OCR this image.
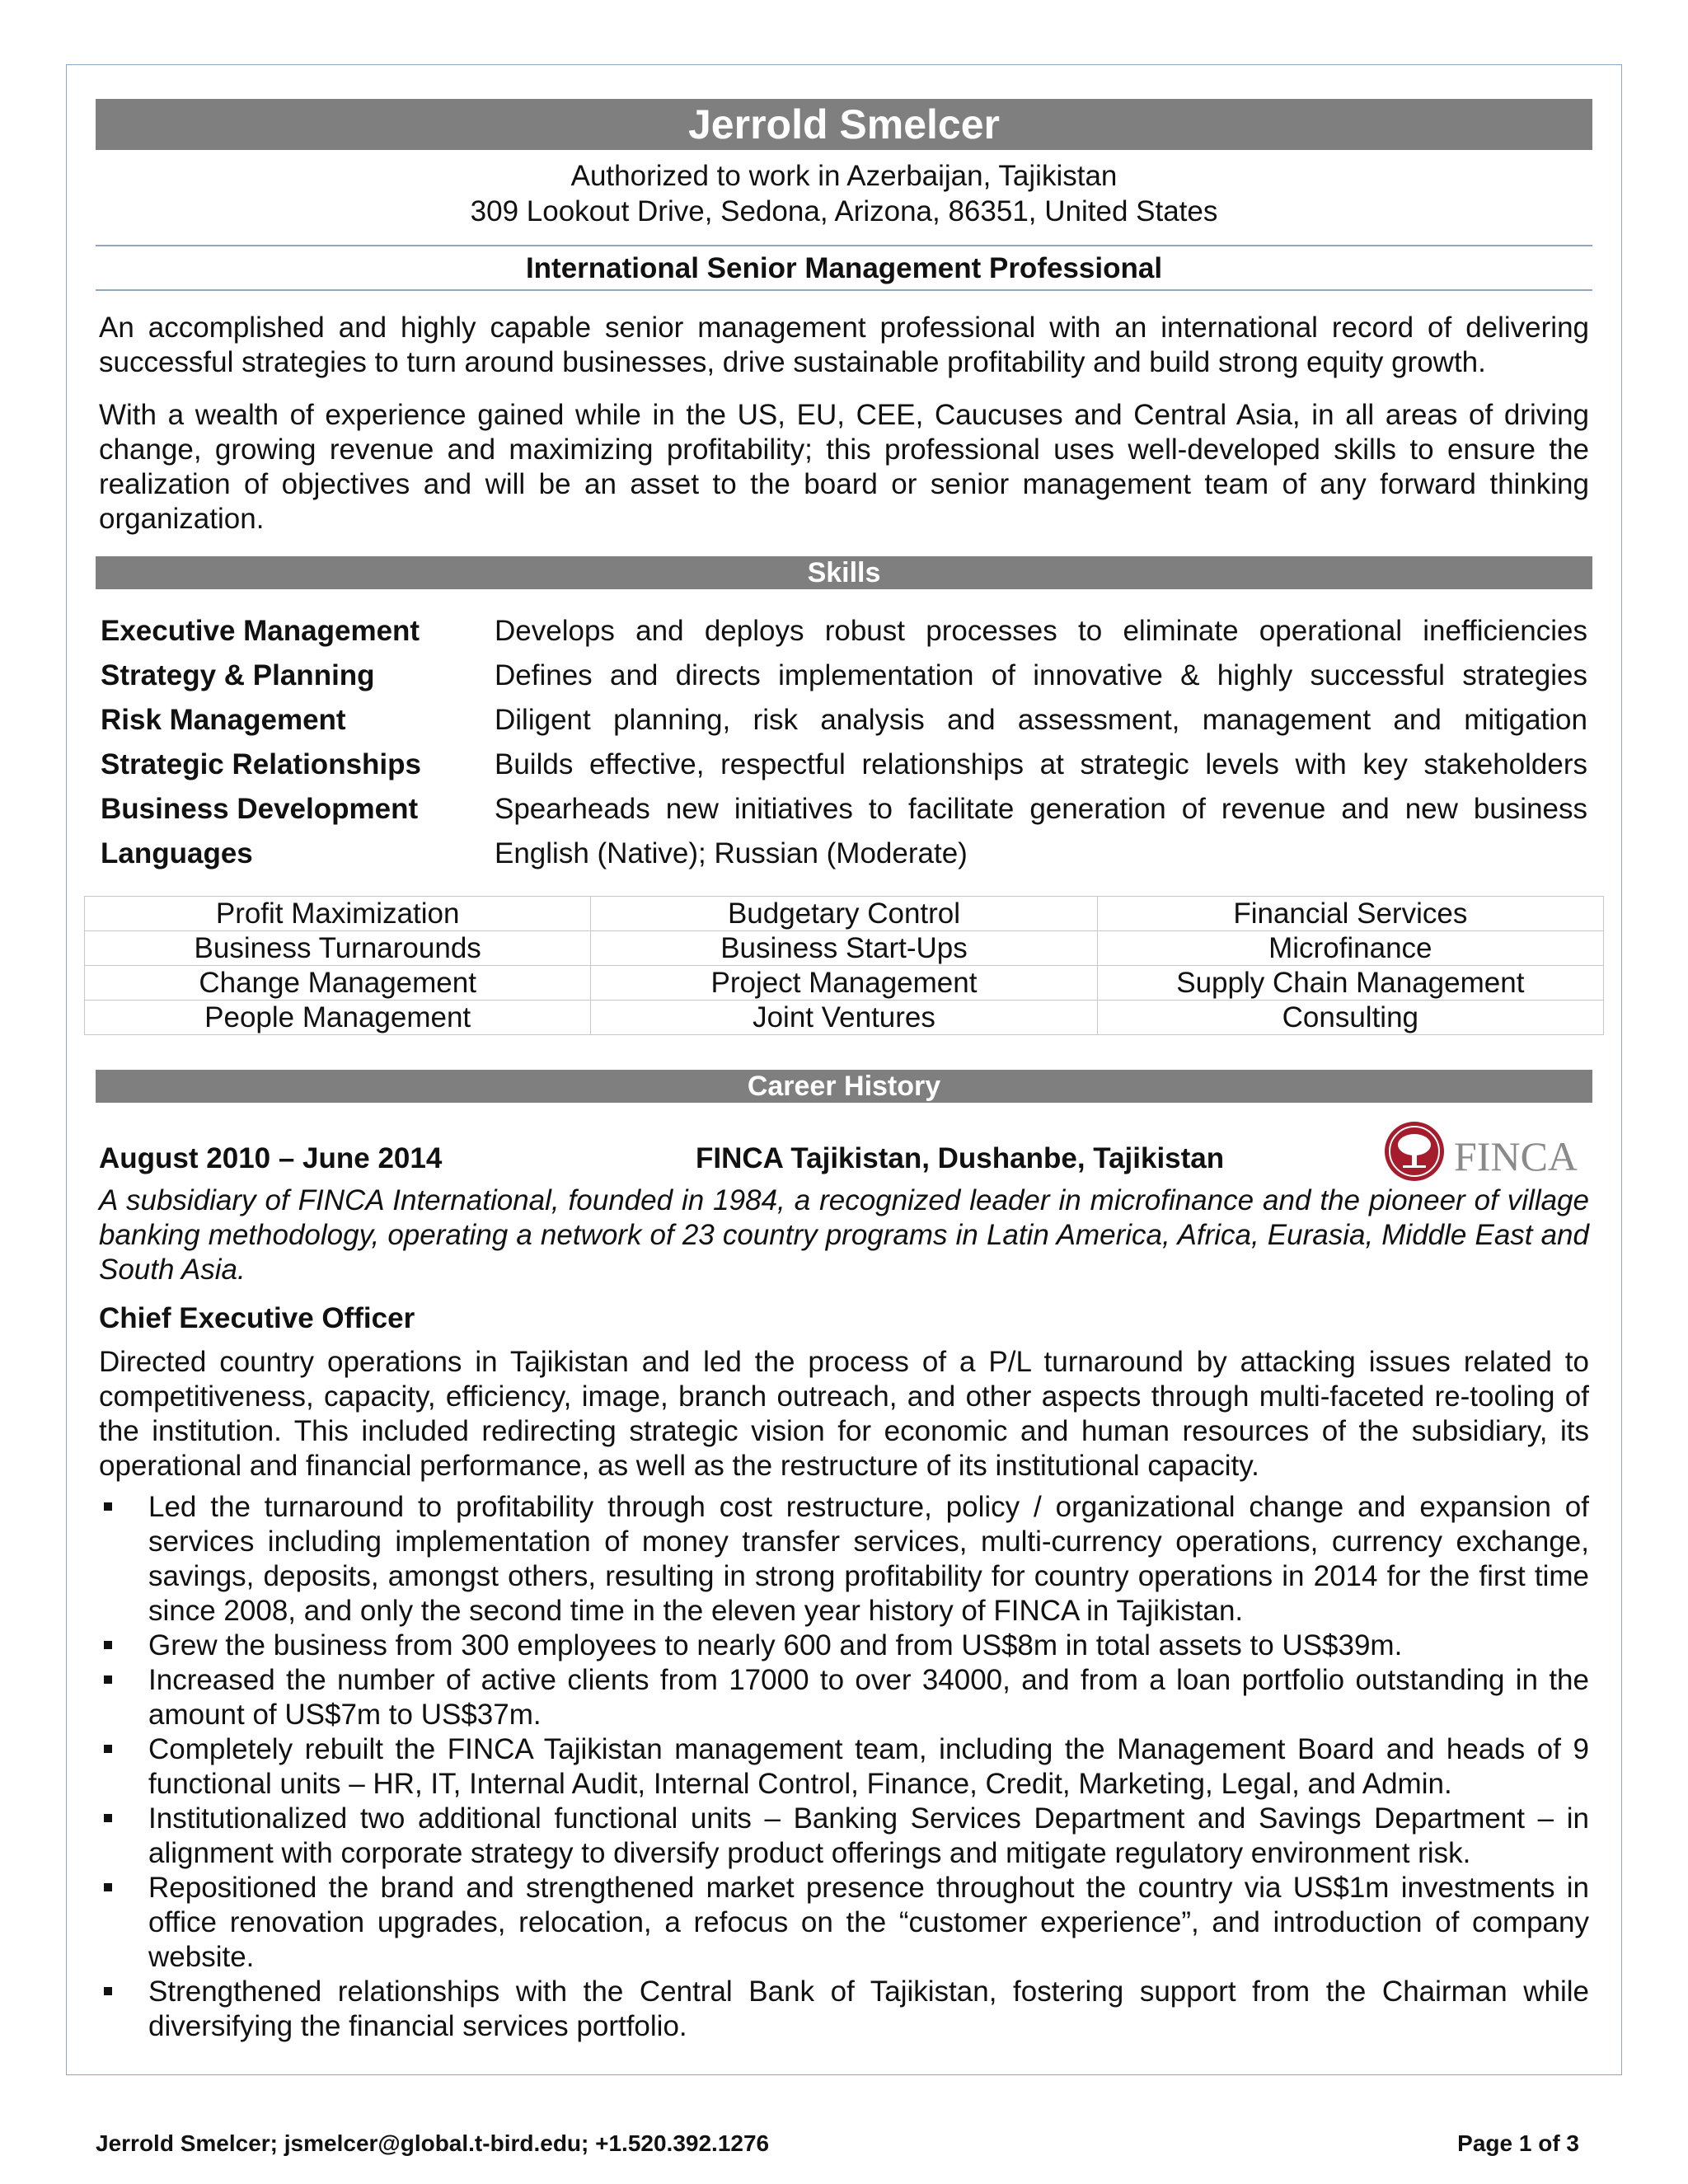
Jerrold Smelcer
Authorized to work in Azerbaijan, Tajikistan
309 Lookout Drive, Sedona, Arizona, 86351, United States
International Senior Management Professional
An accomplished and highly capable senior management professional with an international record of delivering successful strategies to turn around businesses, drive sustainable profitability and build strong equity growth.
With a wealth of experience gained while in the US, EU, CEE, Caucuses and Central Asia, in all areas of driving change, growing revenue and maximizing profitability; this professional uses well-developed skills to ensure the realization of objectives and will be an asset to the board or senior management team of any forward thinking organization.
Skills
Executive Management	Develops and deploys robust processes to eliminate operational inefficiencies
Strategy & Planning	Defines and directs implementation of innovative & highly successful strategies
Risk Management	Diligent planning, risk analysis and assessment, management and mitigation
Strategic Relationships	Builds effective, respectful relationships at strategic levels with key stakeholders
Business Development	Spearheads new initiatives to facilitate generation of revenue and new business
Languages	English (Native); Russian (Moderate)
Profit Maximization	Budgetary Control	Financial Services
Business Turnarounds	Business Start-Ups	Microfinance
Change Management	Project Management	Supply Chain Management
People Management	Joint Ventures	Consulting
Career History
August 2010 – June 2014	FINCA Tajikistan, Dushanbe, Tajikistan	FINCA
A subsidiary of FINCA International, founded in 1984, a recognized leader in microfinance and the pioneer of village banking methodology, operating a network of 23 country programs in Latin America, Africa, Eurasia, Middle East and South Asia.
Chief Executive Officer
Directed country operations in Tajikistan and led the process of a P/L turnaround by attacking issues related to competitiveness, capacity, efficiency, image, branch outreach, and other aspects through multi-faceted re-tooling of the institution. This included redirecting strategic vision for economic and human resources of the subsidiary, its operational and financial performance, as well as the restructure of its institutional capacity.
Led the turnaround to profitability through cost restructure, policy / organizational change and expansion of services including implementation of money transfer services, multi-currency operations, currency exchange, savings, deposits, amongst others, resulting in strong profitability for country operations in 2014 for the first time since 2008, and only the second time in the eleven year history of FINCA in Tajikistan.
Grew the business from 300 employees to nearly 600 and from US$8m in total assets to US$39m.
Increased the number of active clients from 17000 to over 34000, and from a loan portfolio outstanding in the amount of US$7m to US$37m.
Completely rebuilt the FINCA Tajikistan management team, including the Management Board and heads of 9 functional units – HR, IT, Internal Audit, Internal Control, Finance, Credit, Marketing, Legal, and Admin.
Institutionalized two additional functional units – Banking Services Department and Savings Department – in alignment with corporate strategy to diversify product offerings and mitigate regulatory environment risk.
Repositioned the brand and strengthened market presence throughout the country via US$1m investments in office renovation upgrades, relocation, a refocus on the “customer experience”, and introduction of company website.
Strengthened relationships with the Central Bank of Tajikistan, fostering support from the Chairman while diversifying the financial services portfolio.
Jerrold Smelcer; jsmelcer@global.t-bird.edu; +1.520.392.1276	Page 1 of 3
